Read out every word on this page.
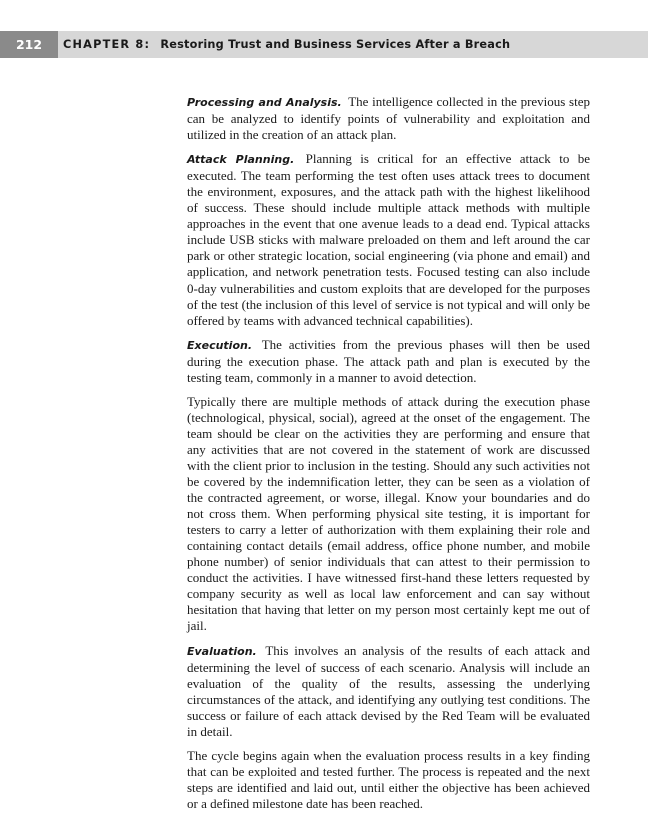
212	CHAPTER 8: Restoring Trust and Business Services After a Breach

Processing and Analysis. The intelligence collected in the previous step can be analyzed to identify points of vulnerability and exploitation and utilized in the creation of an attack plan.

Attack Planning. Planning is critical for an effective attack to be executed. The team performing the test often uses attack trees to document the environment, exposures, and the attack path with the highest likelihood of success. These should include multiple attack methods with multiple approaches in the event that one avenue leads to a dead end. Typical attacks include USB sticks with malware preloaded on them and left around the car park or other strategic location, social engineering (via phone and email) and application, and network penetration tests. Focused testing can also include 0-day vulnerabilities and custom exploits that are developed for the purposes of the test (the inclusion of this level of service is not typical and will only be offered by teams with advanced technical capabilities).

Execution. The activities from the previous phases will then be used during the execution phase. The attack path and plan is executed by the testing team, commonly in a manner to avoid detection.

Typically there are multiple methods of attack during the execution phase (technological, physical, social), agreed at the onset of the engagement. The team should be clear on the activities they are performing and ensure that any activities that are not covered in the statement of work are discussed with the client prior to inclusion in the testing. Should any such activities not be covered by the indemnification letter, they can be seen as a violation of the contracted agreement, or worse, illegal. Know your boundaries and do not cross them. When performing physical site testing, it is important for testers to carry a letter of authorization with them explaining their role and containing contact details (email address, office phone number, and mobile phone number) of senior individuals that can attest to their permission to conduct the activities. I have witnessed first-hand these letters requested by company security as well as local law enforcement and can say without hesitation that having that letter on my person most certainly kept me out of jail.

Evaluation. This involves an analysis of the results of each attack and determining the level of success of each scenario. Analysis will include an evaluation of the quality of the results, assessing the underlying circumstances of the attack, and identifying any outlying test conditions. The success or failure of each attack devised by the Red Team will be evaluated in detail.

The cycle begins again when the evaluation process results in a key finding that can be exploited and tested further. The process is repeated and the next steps are identified and laid out, until either the objective has been achieved or a defined milestone date has been reached.
